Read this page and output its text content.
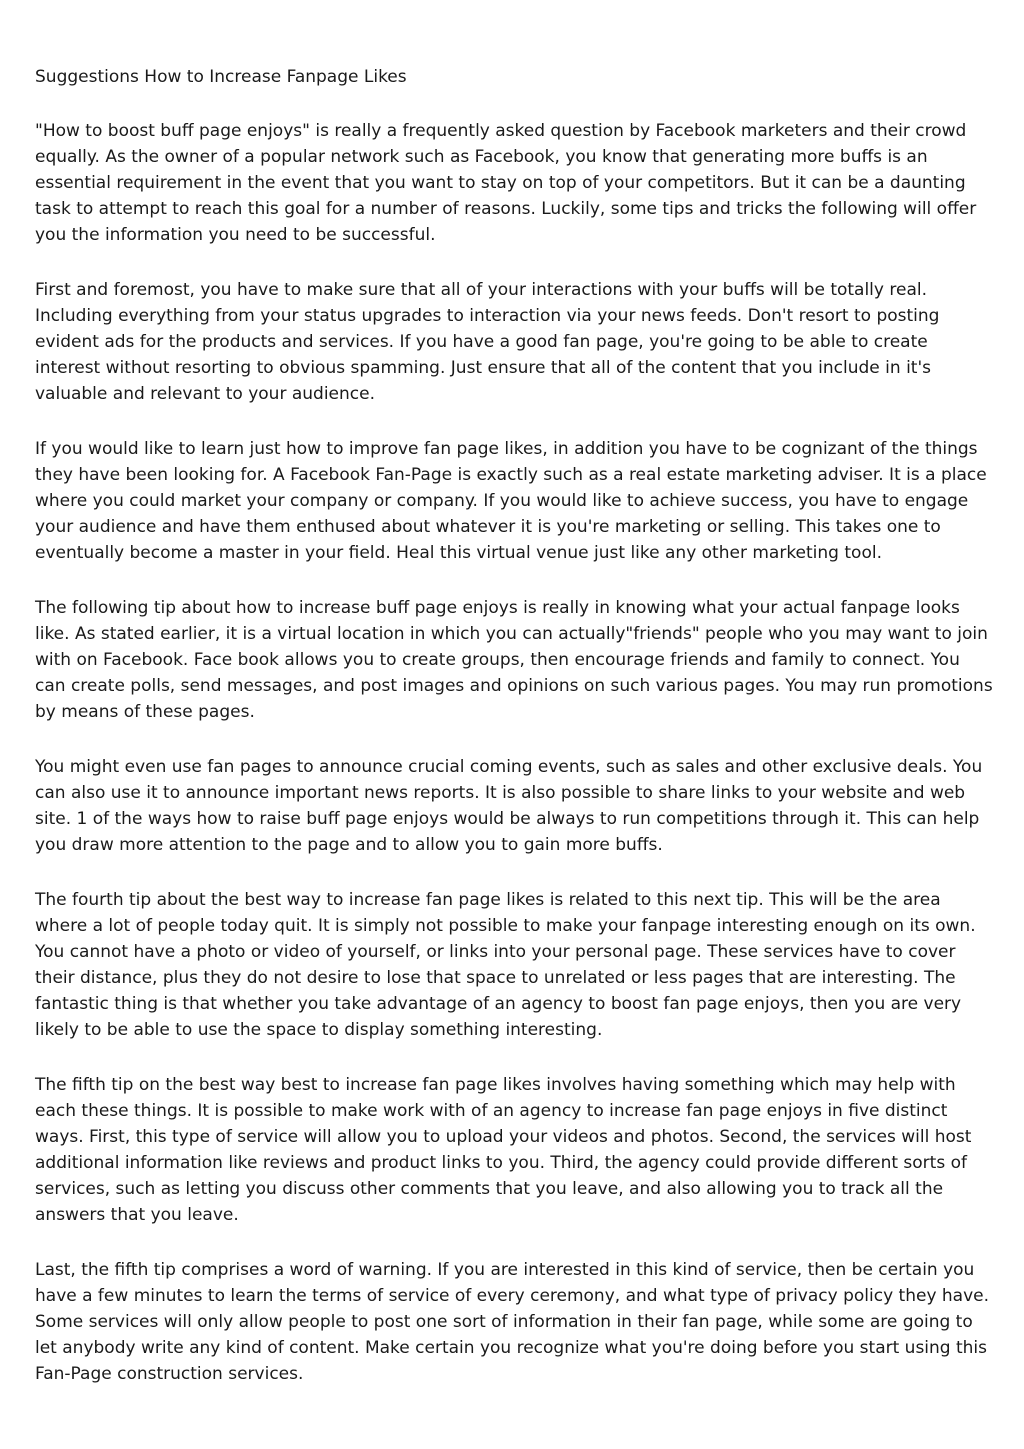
Suggestions How to Increase Fanpage Likes

"How to boost buff page enjoys" is really a frequently asked question by Facebook marketers and their crowd equally. As the owner of a popular network such as Facebook, you know that generating more buffs is an essential requirement in the event that you want to stay on top of your competitors. But it can be a daunting task to attempt to reach this goal for a number of reasons. Luckily, some tips and tricks the following will offer you the information you need to be successful.

First and foremost, you have to make sure that all of your interactions with your buffs will be totally real. Including everything from your status upgrades to interaction via your news feeds. Don't resort to posting evident ads for the products and services. If you have a good fan page, you're going to be able to create interest without resorting to obvious spamming. Just ensure that all of the content that you include in it's valuable and relevant to your audience.

If you would like to learn just how to improve fan page likes, in addition you have to be cognizant of the things they have been looking for. A Facebook Fan-Page is exactly such as a real estate marketing adviser. It is a place where you could market your company or company. If you would like to achieve success, you have to engage your audience and have them enthused about whatever it is you're marketing or selling. This takes one to eventually become a master in your field. Heal this virtual venue just like any other marketing tool.

The following tip about how to increase buff page enjoys is really in knowing what your actual fanpage looks like. As stated earlier, it is a virtual location in which you can actually"friends" people who you may want to join with on Facebook. Face book allows you to create groups, then encourage friends and family to connect. You can create polls, send messages, and post images and opinions on such various pages. You may run promotions by means of these pages.

You might even use fan pages to announce crucial coming events, such as sales and other exclusive deals. You can also use it to announce important news reports. It is also possible to share links to your website and web site. 1 of the ways how to raise buff page enjoys would be always to run competitions through it. This can help you draw more attention to the page and to allow you to gain more buffs.

The fourth tip about the best way to increase fan page likes is related to this next tip. This will be the area where a lot of people today quit. It is simply not possible to make your fanpage interesting enough on its own. You cannot have a photo or video of yourself, or links into your personal page. These services have to cover their distance, plus they do not desire to lose that space to unrelated or less pages that are interesting. The fantastic thing is that whether you take advantage of an agency to boost fan page enjoys, then you are very likely to be able to use the space to display something interesting.

The fifth tip on the best way best to increase fan page likes involves having something which may help with each these things. It is possible to make work with of an agency to increase fan page enjoys in five distinct ways. First, this type of service will allow you to upload your videos and photos. Second, the services will host additional information like reviews and product links to you. Third, the agency could provide different sorts of services, such as letting you discuss other comments that you leave, and also allowing you to track all the answers that you leave.

Last, the fifth tip comprises a word of warning. If you are interested in this kind of service, then be certain you have a few minutes to learn the terms of service of every ceremony, and what type of privacy policy they have. Some services will only allow people to post one sort of information in their fan page, while some are going to let anybody write any kind of content. Make certain you recognize what you're doing before you start using this Fan-Page construction services.
